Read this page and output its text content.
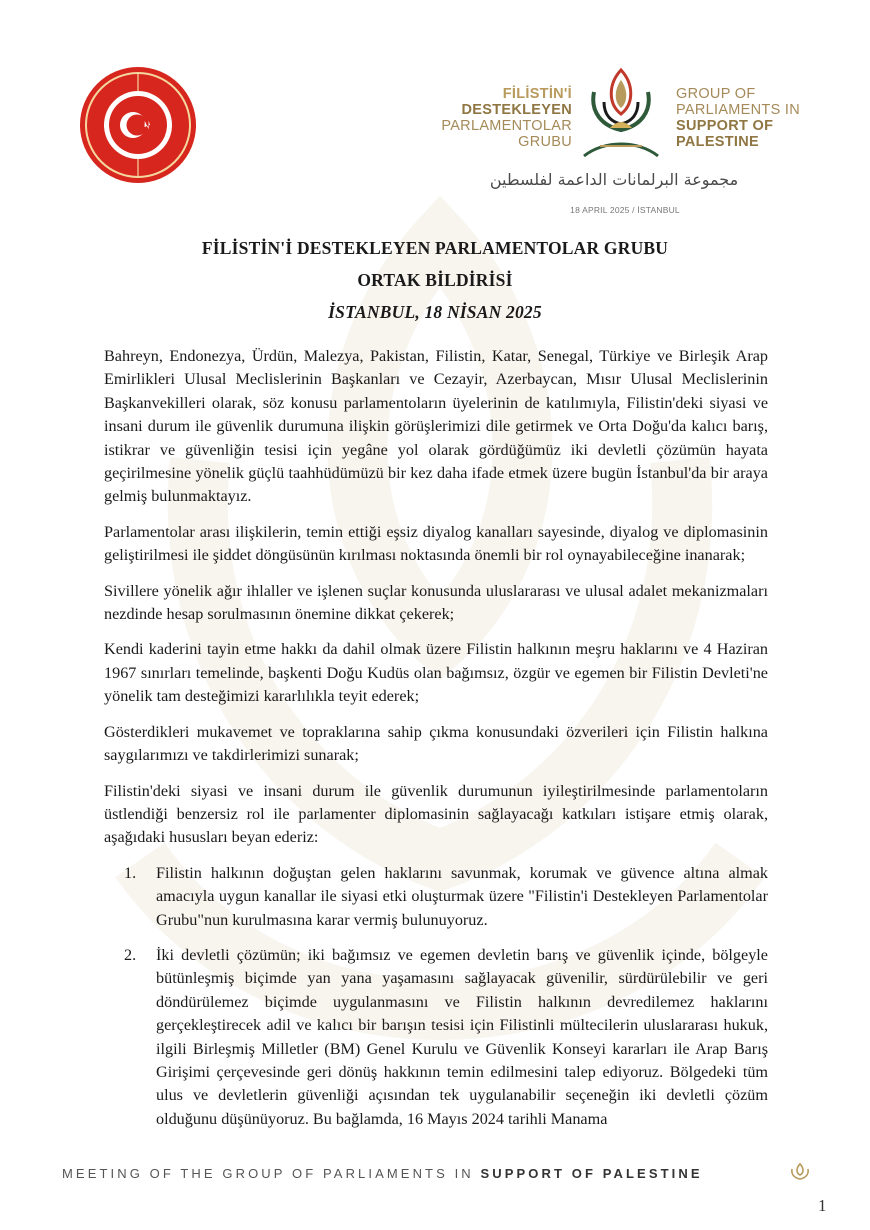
FİLİSTİN'İ
DESTEKLEYEN
PARLAMENTOLAR
GRUBU
GROUP OF
PARLIAMENTS IN
SUPPORT OF
PALESTINE
مجموعة البرلمانات الداعمة لفلسطين
18 APRIL 2025 / İSTANBUL
FİLİSTİN'İ DESTEKLEYEN PARLAMENTOLAR GRUBU
ORTAK BİLDİRİSİ
İSTANBUL, 18 NİSAN 2025

Bahreyn, Endonezya, Ürdün, Malezya, Pakistan, Filistin, Katar, Senegal, Türkiye ve Birleşik Arap Emirlikleri Ulusal Meclislerinin Başkanları ve Cezayir, Azerbaycan, Mısır Ulusal Meclislerinin Başkanvekilleri olarak, söz konusu parlamentoların üyelerinin de katılımıyla, Filistin'deki siyasi ve insani durum ile güvenlik durumuna ilişkin görüşlerimizi dile getirmek ve Orta Doğu'da kalıcı barış, istikrar ve güvenliğin tesisi için yegâne yol olarak gördüğümüz iki devletli çözümün hayata geçirilmesine yönelik güçlü taahhüdümüzü bir kez daha ifade etmek üzere bugün İstanbul'da bir araya gelmiş bulunmaktayız.

Parlamentolar arası ilişkilerin, temin ettiği eşsiz diyalog kanalları sayesinde, diyalog ve diplomasinin geliştirilmesi ile şiddet döngüsünün kırılması noktasında önemli bir rol oynayabileceğine inanarak;

Sivillere yönelik ağır ihlaller ve işlenen suçlar konusunda uluslararası ve ulusal adalet mekanizmaları nezdinde hesap sorulmasının önemine dikkat çekerek;

Kendi kaderini tayin etme hakkı da dahil olmak üzere Filistin halkının meşru haklarını ve 4 Haziran 1967 sınırları temelinde, başkenti Doğu Kudüs olan bağımsız, özgür ve egemen bir Filistin Devleti'ne yönelik tam desteğimizi kararlılıkla teyit ederek;

Gösterdikleri mukavemet ve topraklarına sahip çıkma konusundaki özverileri için Filistin halkına saygılarımızı ve takdirlerimizi sunarak;

Filistin'deki siyasi ve insani durum ile güvenlik durumunun iyileştirilmesinde parlamentoların üstlendiği benzersiz rol ile parlamenter diplomasinin sağlayacağı katkıları istişare etmiş olarak, aşağıdaki hususları beyan ederiz:

1. Filistin halkının doğuştan gelen haklarını savunmak, korumak ve güvence altına almak amacıyla uygun kanallar ile siyasi etki oluşturmak üzere "Filistin'i Destekleyen Parlamentolar Grubu"nun kurulmasına karar vermiş bulunuyoruz.
2. İki devletli çözümün; iki bağımsız ve egemen devletin barış ve güvenlik içinde, bölgeyle bütünleşmiş biçimde yan yana yaşamasını sağlayacak güvenilir, sürdürülebilir ve geri döndürülemez biçimde uygulanmasını ve Filistin halkının devredilemez haklarını gerçekleştirecek adil ve kalıcı bir barışın tesisi için Filistinli mültecilerin uluslararası hukuk, ilgili Birleşmiş Milletler (BM) Genel Kurulu ve Güvenlik Konseyi kararları ile Arap Barış Girişimi çerçevesinde geri dönüş hakkının temin edilmesini talep ediyoruz. Bölgedeki tüm ulus ve devletlerin güvenliği açısından tek uygulanabilir seçeneğin iki devletli çözüm olduğunu düşünüyoruz. Bu bağlamda, 16 Mayıs 2024 tarihli Manama
MEETING OF THE GROUP OF PARLIAMENTS IN SUPPORT OF PALESTINE
1
